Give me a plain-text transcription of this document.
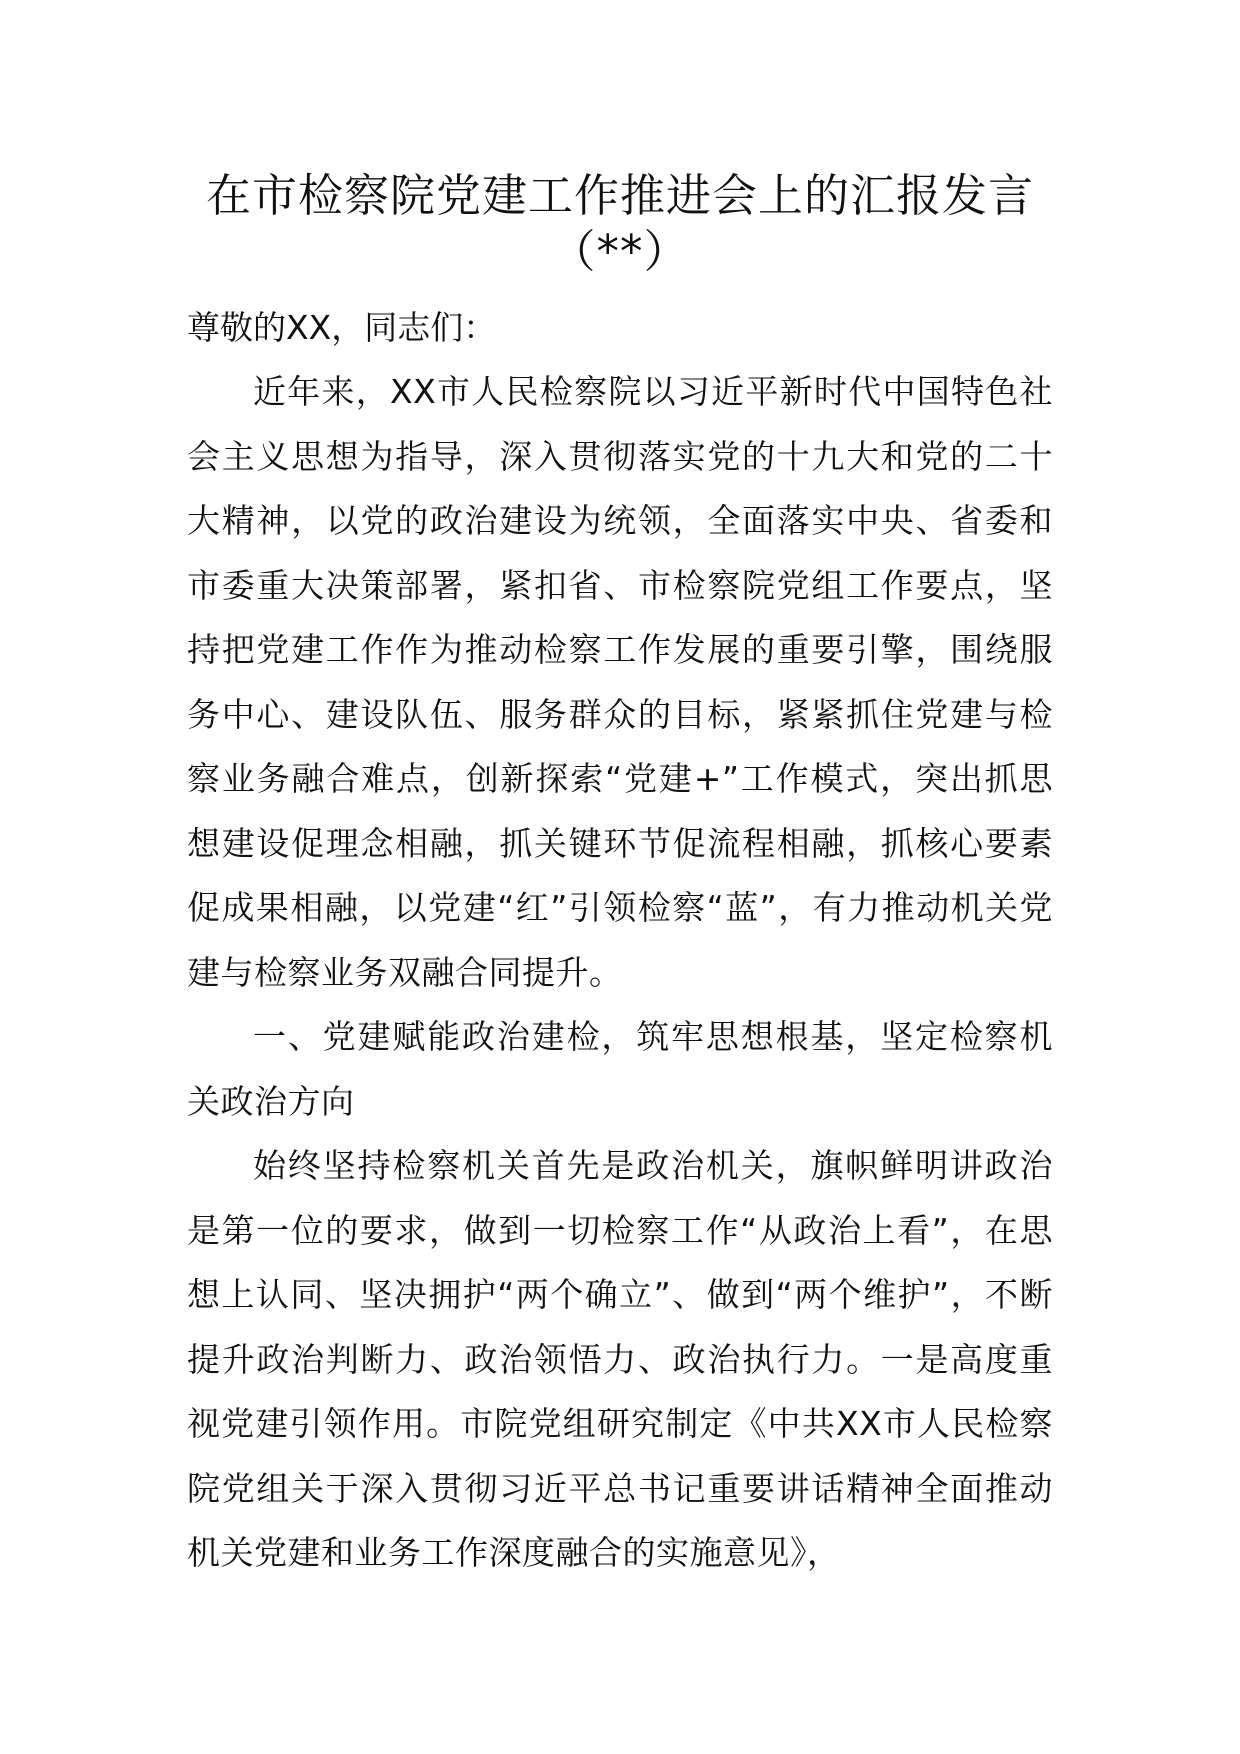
在市检察院党建工作推进会上的汇报发言（**）

尊敬的XX，同志们：

近年来，XX市人民检察院以习近平新时代中国特色社会主义思想为指导，深入贯彻落实党的十九大和党的二十大精神，以党的政治建设为统领，全面落实中央、省委和市委重大决策部署，紧扣省、市检察院党组工作要点，坚持把党建工作作为推动检察工作发展的重要引擎，围绕服务中心、建设队伍、服务群众的目标，紧紧抓住党建与检察业务融合难点，创新探索“党建+”工作模式，突出抓思想建设促理念相融，抓关键环节促流程相融，抓核心要素促成果相融，以党建“红”引领检察“蓝”，有力推动机关党建与检察业务双融合同提升。

一、党建赋能政治建检，筑牢思想根基，坚定检察机关政治方向

始终坚持检察机关首先是政治机关，旗帜鲜明讲政治是第一位的要求，做到一切检察工作“从政治上看”，在思想上认同、坚决拥护“两个确立”、做到“两个维护”，不断提升政治判断力、政治领悟力、政治执行力。一是高度重视党建引领作用。市院党组研究制定《中共XX市人民检察院党组关于深入贯彻习近平总书记重要讲话精神全面推动机关党建和业务工作深度融合的实施意见》，
